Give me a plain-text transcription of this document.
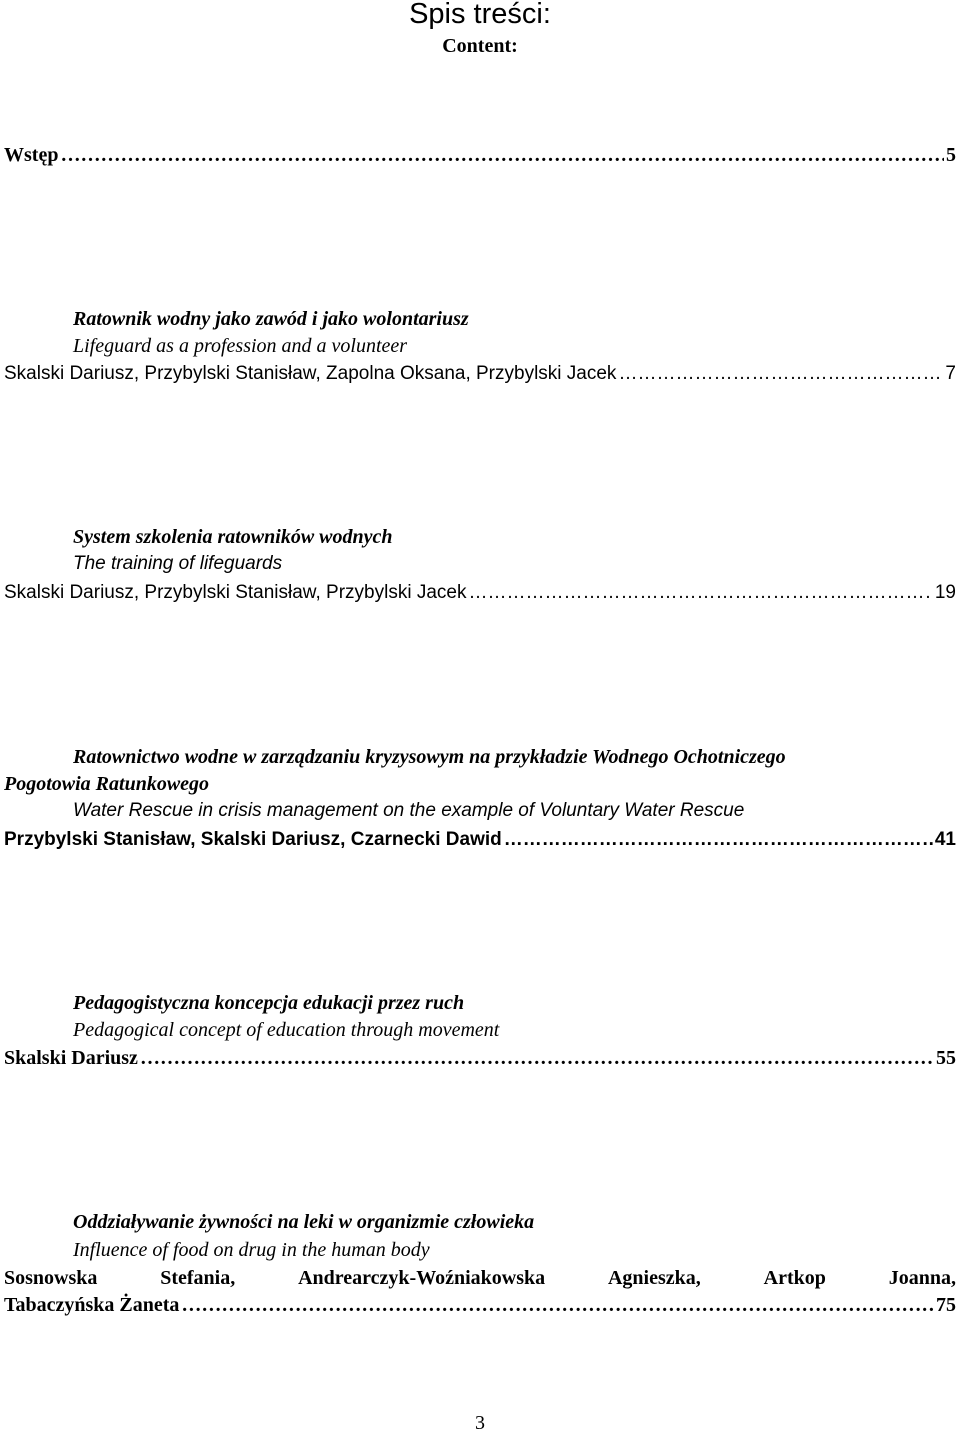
Spis treści:
Content:
Wstęp ……………………………………………………………………………………………………………………………………………………………………………………………………………………………………	5
Ratownik wodny jako zawód i jako wolontariusz
Lifeguard as a profession and a volunteer
Skalski Dariusz, Przybylski Stanisław, Zapolna Oksana, Przybylski Jacek ……………………………………………………………………………………………………………………………………………………………………………………………………………………………………	7
System szkolenia ratowników wodnych
The training of lifeguards
Skalski Dariusz, Przybylski Stanisław, Przybylski Jacek ……………………………………………………………………………………………………………………………………………………………………………………………………………………………………	19
Ratownictwo wodne w zarządzaniu kryzysowym na przykładzie Wodnego Ochotniczego
Pogotowia Ratunkowego
Water Rescue in crisis management on the example of Voluntary Water Rescue
Przybylski Stanisław, Skalski Dariusz, Czarnecki Dawid ……………………………………………………………………………………………………………………………………………………………………………………………………………………………………	41
Pedagogistyczna koncepcja edukacji przez ruch
Pedagogical concept of education through movement
Skalski Dariusz ……………………………………………………………………………………………………………………………………………………………………………………………………………………………………	55
Oddziaływanie żywności na leki w organizmie człowieka
Influence of food on drug in the human body
Sosnowska	Stefania,	Andrearczyk-Woźniakowska	Agnieszka,	Artkop	Joanna,
Tabaczyńska Żaneta ……………………………………………………………………………………………………………………………………………………………………………………………………………………………………	75
3
